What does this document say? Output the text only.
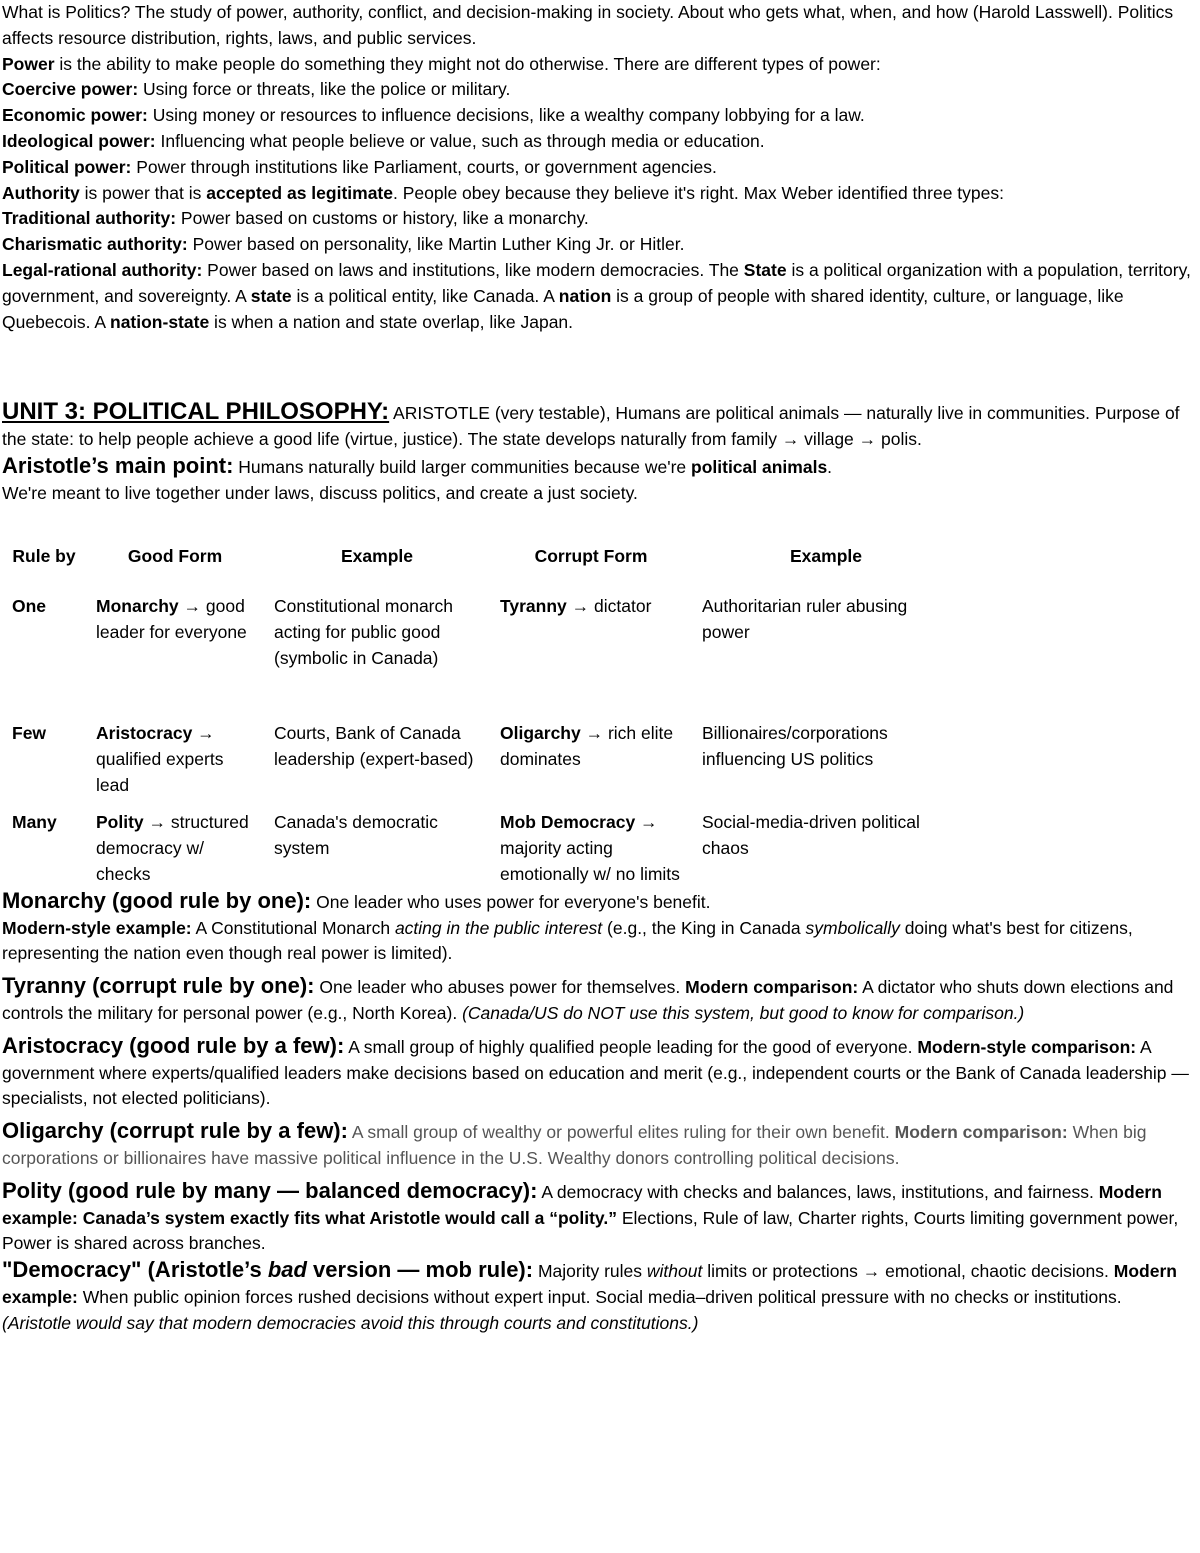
What is Politics? The study of power, authority, conflict, and decision-making in society. About who gets what, when, and how (Harold Lasswell). Politics affects resource distribution, rights, laws, and public services.

Power is the ability to make people do something they might not do otherwise. There are different types of power:

Coercive power: Using force or threats, like the police or military.

Economic power: Using money or resources to influence decisions, like a wealthy company lobbying for a law.

Ideological power: Influencing what people believe or value, such as through media or education.

Political power: Power through institutions like Parliament, courts, or government agencies.

Authority is power that is accepted as legitimate. People obey because they believe it's right. Max Weber identified three types:

Traditional authority: Power based on customs or history, like a monarchy.

Charismatic authority: Power based on personality, like Martin Luther King Jr. or Hitler.

Legal-rational authority: Power based on laws and institutions, like modern democracies. The State is a political organization with a population, territory, government, and sovereignty. A state is a political entity, like Canada. A nation is a group of people with shared identity, culture, or language, like Quebecois. A nation-state is when a nation and state overlap, like Japan.

UNIT 3: POLITICAL PHILOSOPHY: ARISTOTLE (very testable), Humans are political animals — naturally live in communities. Purpose of the state: to help people achieve a good life (virtue, justice). The state develops naturally from family → village → polis.

Aristotle’s main point: Humans naturally build larger communities because we're political animals.

We're meant to live together under laws, discuss politics, and create a just society.

Rule by	Good Form	Example	Corrupt Form	Example
One	Monarchy → good leader for everyone	Constitutional monarch acting for public good (symbolic in Canada)	Tyranny → dictator	Authoritarian ruler abusing power
Few	Aristocracy → qualified experts lead	Courts, Bank of Canada leadership (expert-based)	Oligarchy → rich elite dominates	Billionaires/corporations influencing US politics
Many	Polity → structured democracy w/ checks	Canada's democratic system	Mob Democracy → majority acting emotionally w/ no limits	Social-media-driven political chaos

Monarchy (good rule by one): One leader who uses power for everyone's benefit.

Modern-style example: A Constitutional Monarch acting in the public interest (e.g., the King in Canada symbolically doing what's best for citizens, representing the nation even though real power is limited).

Tyranny (corrupt rule by one): One leader who abuses power for themselves. Modern comparison: A dictator who shuts down elections and controls the military for personal power (e.g., North Korea). (Canada/US do NOT use this system, but good to know for comparison.)

Aristocracy (good rule by a few): A small group of highly qualified people leading for the good of everyone. Modern-style comparison: A government where experts/qualified leaders make decisions based on education and merit (e.g., independent courts or the Bank of Canada leadership — specialists, not elected politicians).

Oligarchy (corrupt rule by a few): A small group of wealthy or powerful elites ruling for their own benefit. Modern comparison: When big corporations or billionaires have massive political influence in the U.S. Wealthy donors controlling political decisions.

Polity (good rule by many — balanced democracy): A democracy with checks and balances, laws, institutions, and fairness. Modern example: Canada’s system exactly fits what Aristotle would call a “polity.” Elections, Rule of law, Charter rights, Courts limiting government power, Power is shared across branches.

"Democracy" (Aristotle’s bad version — mob rule): Majority rules without limits or protections → emotional, chaotic decisions. Modern example: When public opinion forces rushed decisions without expert input. Social media–driven political pressure with no checks or institutions. (Aristotle would say that modern democracies avoid this through courts and constitutions.)
